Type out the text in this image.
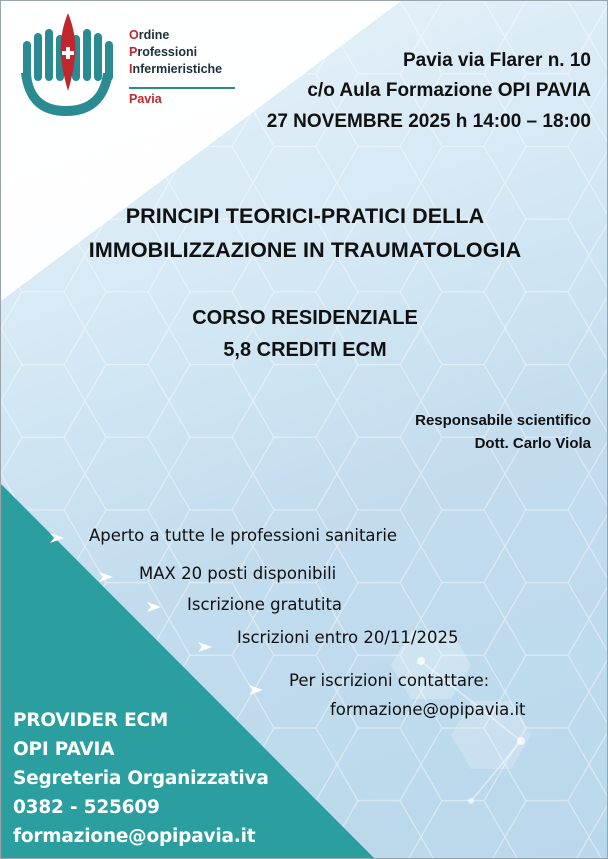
Ordine
Professioni
Infermieristiche
Pavia
Pavia via Flarer n. 10
c/o Aula Formazione OPI PAVIA
27 NOVEMBRE 2025 h 14:00 – 18:00
PRINCIPI TEORICI-PRATICI DELLA
IMMOBILIZZAZIONE IN TRAUMATOLOGIA
CORSO RESIDENZIALE
5,8 CREDITI ECM
Responsabile scientifico
Dott. Carlo Viola
Aperto a tutte le professioni sanitarie
MAX 20 posti disponibili
Iscrizione gratutita
Iscrizioni entro 20/11/2025
Per iscrizioni contattare:
formazione@opipavia.it
PROVIDER ECM
OPI PAVIA
Segreteria Organizzativa
0382 - 525609
formazione@opipavia.it
